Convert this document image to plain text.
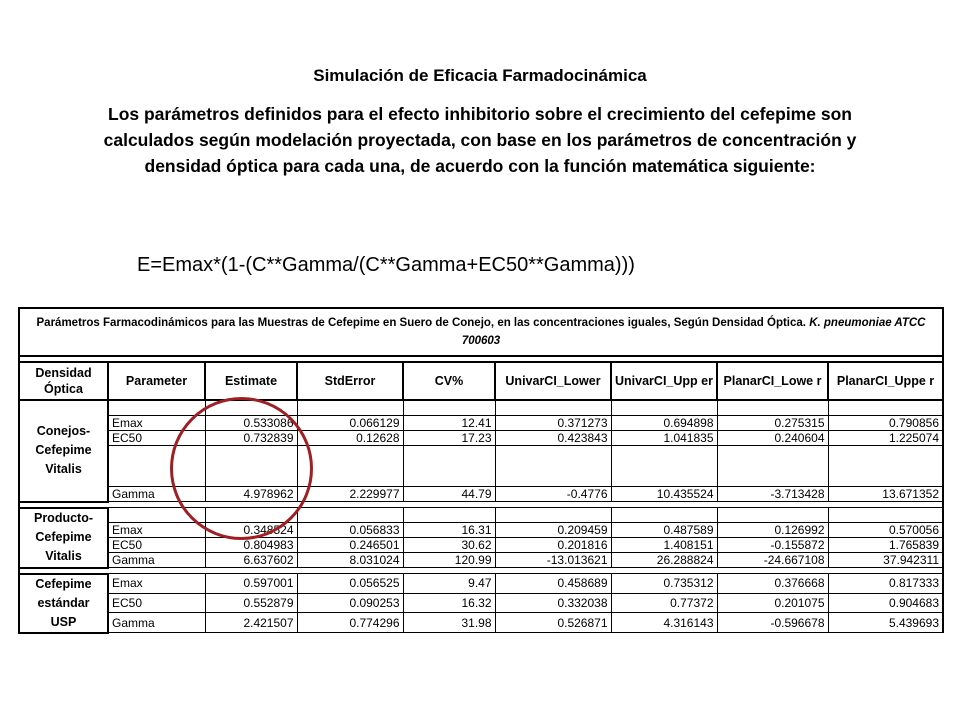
Simulación de Eficacia Farmadocinámica
Los parámetros definidos para el efecto inhibitorio sobre el crecimiento del cefepime son calculados según modelación proyectada, con base en los parámetros de concentración y densidad óptica para cada una, de acuerdo con la función matemática siguiente:
E=Emax*(1-(C**Gamma/(C**Gamma+EC50**Gamma)))
Parámetros Farmacodinámicos para las Muestras de Cefepime en Suero de Conejo, en las concentraciones iguales, Según Densidad Óptica. K. pneumoniae ATCC 700603								

Densidad Óptica	Parameter	Estimate	StdError	CV%	UnivarCI_Lower	UnivarCI_Upp er	PlanarCI_Lowe r	PlanarCI_Uppe r
Conejos-Cefepime Vitalis								
	Emax	0.533086	0.066129	12.41	0.371273	0.694898	0.275315	0.790856
	EC50	0.732839	0.12628	17.23	0.423843	1.041835	0.240604	1.225074

	Gamma	4.978962	2.229977	44.79	-0.4776	10.435524	-3.713428	13.671352

Producto-Cefepime Vitalis								
	Emax	0.348524	0.056833	16.31	0.209459	0.487589	0.126992	0.570056
	EC50	0.804983	0.246501	30.62	0.201816	1.408151	-0.155872	1.765839
	Gamma	6.637602	8.031024	120.99	-13.013621	26.288824	-24.667108	37.942311

Cefepime estándar USP	Emax	0.597001	0.056525	9.47	0.458689	0.735312	0.376668	0.817333
	EC50	0.552879	0.090253	16.32	0.332038	0.77372	0.201075	0.904683
	Gamma	2.421507	0.774296	31.98	0.526871	4.316143	-0.596678	5.439693
